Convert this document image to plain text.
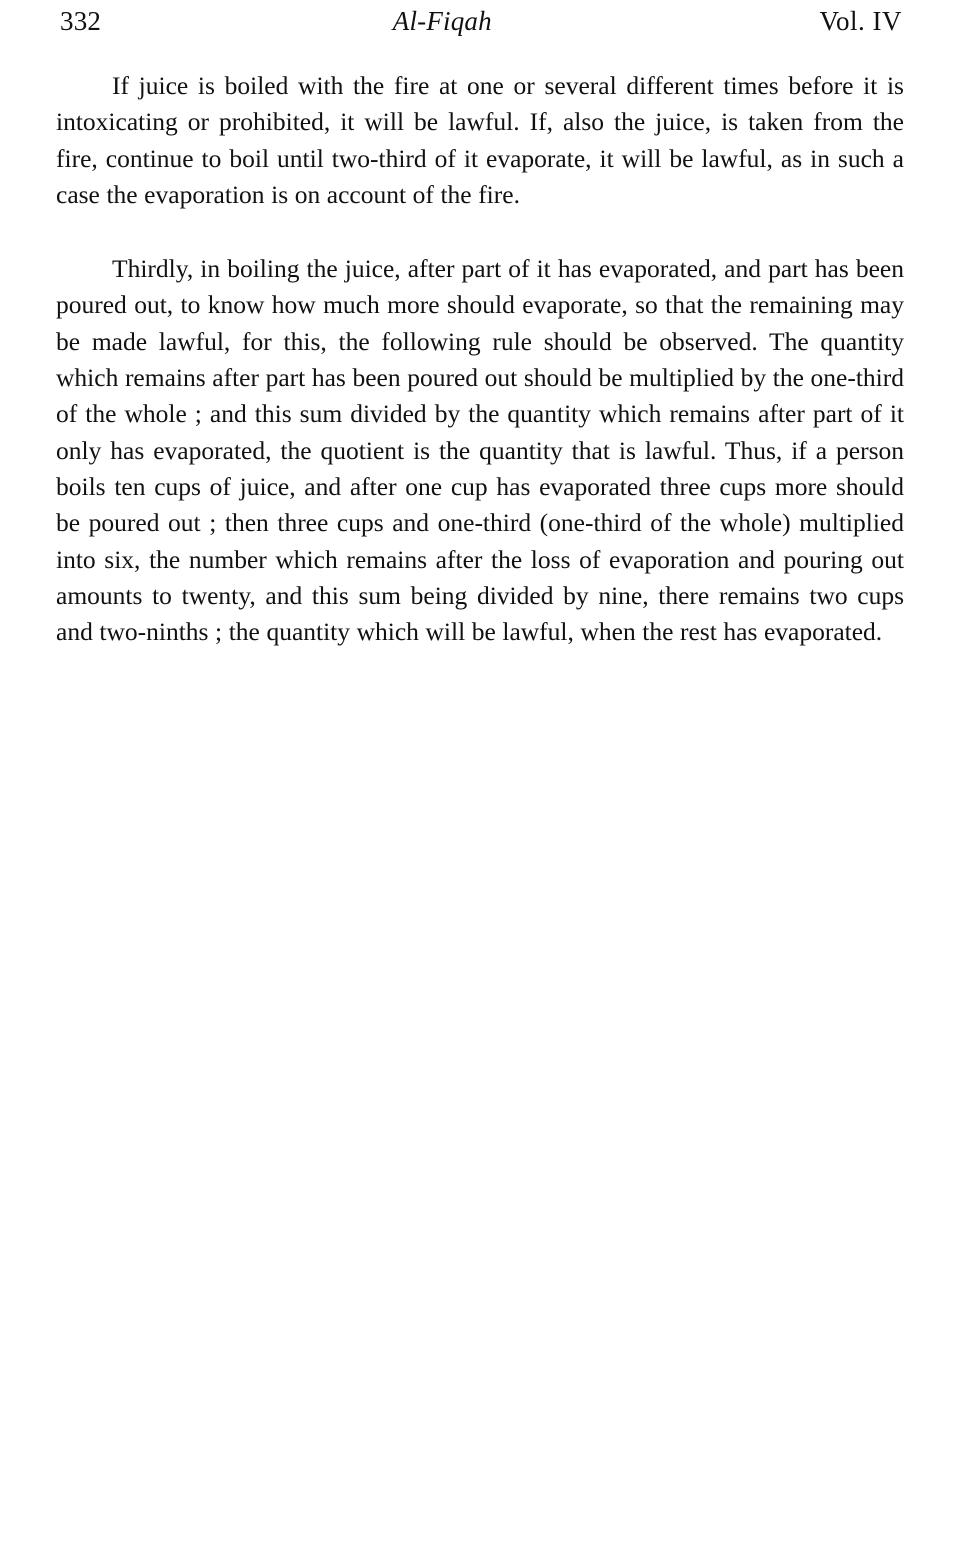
332	Al-Fiqah	Vol. IV

If juice is boiled with the fire at one or several different times before it is intoxicating or prohibited, it will be lawful. If, also the juice, is taken from the fire, continue to boil until two-third of it evaporate, it will be lawful, as in such a case the evaporation is on account of the fire.

Thirdly, in boiling the juice, after part of it has evaporated, and part has been poured out, to know how much more should evaporate, so that the remaining may be made lawful, for this, the following rule should be observed. The quantity which remains after part has been poured out should be multiplied by the one-third of the whole ; and this sum divided by the quantity which remains after part of it only has evaporated, the quotient is the quantity that is lawful. Thus, if a person boils ten cups of juice, and after one cup has evaporated three cups more should be poured out ; then three cups and one-third (one-third of the whole) multiplied into six, the number which remains after the loss of evaporation and pouring out amounts to twenty, and this sum being divided by nine, there remains two cups and two-ninths ; the quantity which will be lawful, when the rest has evaporated.
